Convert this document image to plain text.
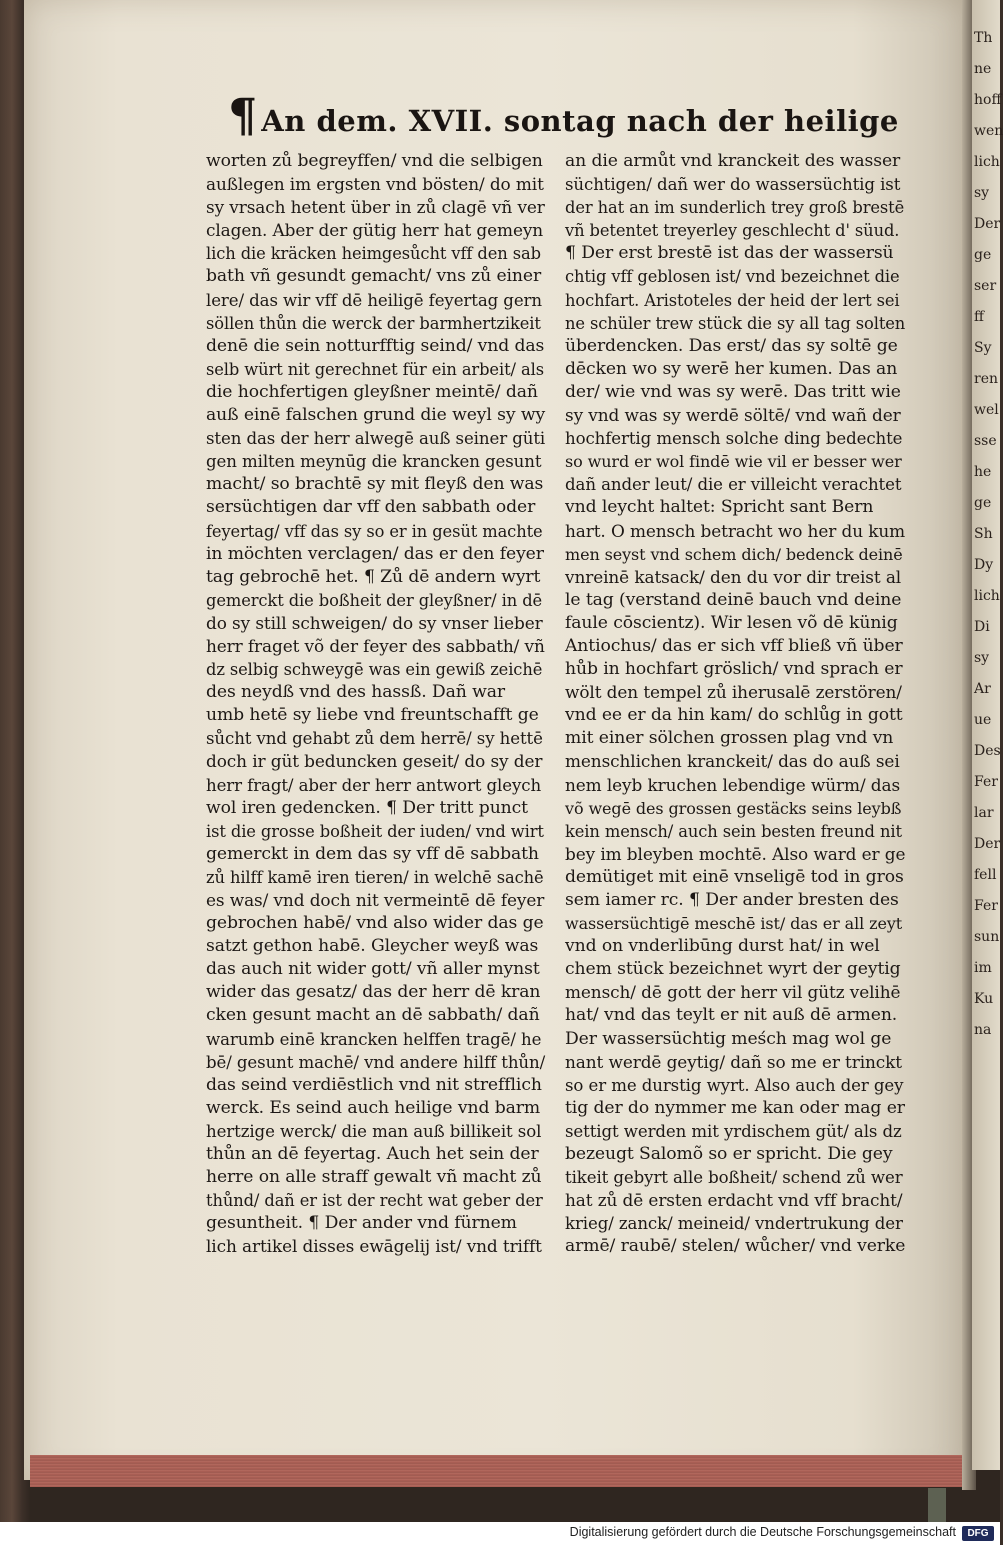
Th
ne
hoff
wen
lich
sy
Der
ge
ser
ff
Sy
ren
wel
sse
he
ge
Sh
Dy
lich
Di
sy
Ar
ue
Des
Fer
lar
Der
fell
Fer
sun
im
Ku
na
¶ An dem. XVII. sontag nach der heilige
worten zů begreyffen/ vnd die selbigen
außlegen im ergsten vnd bösten/ do mit
sy vrsach hetent über in zů clagē vñ ver
clagen. Aber der gütig herr hat gemeyn
lich die kräcken heimgesůcht vff den sab
bath vñ gesundt gemacht/ vns zů einer
lere/ das wir vff dē heiligē feyertag gern
söllen thůn die werck der barmhertzikeit
denē die sein notturfftig seind/ vnd das
selb würt nit gerechnet für ein arbeit/ als
die hochfertigen gleyßner meintē/ dañ
auß einē falschen grund die weyl sy wy
sten das der herr alwegē auß seiner güti
gen milten meynūg die krancken gesunt
macht/ so brachtē sy mit fleyß den was
sersüchtigen dar vff den sabbath oder
feyertag/ vff das sy so er in gesüt machte
in möchten verclagen/ das er den feyer
tag gebrochē het. ¶ Zů dē andern wyrt
gemerckt die boßheit der gleyßner/ in dē
do sy still schweigen/ do sy vnser lieber
herr fraget võ der feyer des sabbath/ vñ
dz selbig schweygē was ein gewiß zeichē
des neydß vnd des hassß. Dañ war
umb hetē sy liebe vnd freuntschafft ge
sůcht vnd gehabt zů dem herrē/ sy hettē
doch ir güt beduncken geseit/ do sy der
herr fragt/ aber der herr antwort gleych
wol iren gedencken. ¶ Der tritt punct
ist die grosse boßheit der iuden/ vnd wirt
gemerckt in dem das sy vff dē sabbath
zů hilff kamē iren tieren/ in welchē sachē
es was/ vnd doch nit vermeintē dē feyer
gebrochen habē/ vnd also wider das ge
satzt gethon habē. Gleycher weyß was
das auch nit wider gott/ vñ aller mynst
wider das gesatz/ das der herr dē kran
cken gesunt macht an dē sabbath/ dañ
warumb einē krancken helffen tragē/ he
bē/ gesunt machē/ vnd andere hilff thůn/
das seind verdiēstlich vnd nit strefflich
werck. Es seind auch heilige vnd barm
hertzige werck/ die man auß billikeit sol
thůn an dē feyertag. Auch het sein der
herre on alle straff gewalt vñ macht zů
thůnd/ dañ er ist der recht wat geber der
gesuntheit. ¶ Der ander vnd fürnem
lich artikel disses ewāgelij ist/ vnd trifft
an die armůt vnd kranckeit des wasser
süchtigen/ dañ wer do wassersüchtig ist
der hat an im sunderlich trey groß brestē
vñ betentet treyerley geschlecht d' süud.
¶ Der erst brestē ist das der wassersü
chtig vff geblosen ist/ vnd bezeichnet die
hochfart. Aristoteles der heid der lert sei
ne schüler trew stück die sy all tag solten
überdencken. Das erst/ das sy soltē ge
dēcken wo sy werē her kumen. Das an
der/ wie vnd was sy werē. Das tritt wie
sy vnd was sy werdē söltē/ vnd wañ der
hochfertig mensch solche ding bedechte
so wurd er wol findē wie vil er besser wer
dañ ander leut/ die er villeicht verachtet
vnd leycht haltet: Spricht sant Bern
hart. O mensch betracht wo her du kum
men seyst vnd schem dich/ bedenck deinē
vnreinē katsack/ den du vor dir treist al
le tag (verstand deinē bauch vnd deine
faule cōscientz). Wir lesen võ dē künig
Antiochus/ das er sich vff bließ vñ über
hůb in hochfart gröslich/ vnd sprach er
wölt den tempel zů iherusalē zerstören/
vnd ee er da hin kam/ do schlůg in gott
mit einer sölchen grossen plag vnd vn
menschlichen kranckeit/ das do auß sei
nem leyb kruchen lebendige würm/ das
võ wegē des grossen gestäcks seins leybß
kein mensch/ auch sein besten freund nit
bey im bleyben mochtē. Also ward er ge
demütiget mit einē vnseligē tod in gros
sem iamer rc. ¶ Der ander bresten des
wassersüchtigē meschē ist/ das er all zeyt
vnd on vnderlibūng durst hat/ in wel
chem stück bezeichnet wyrt der geytig
mensch/ dē gott der herr vil gütz velihē
hat/ vnd das teylt er nit auß dē armen.
Der wassersüchtig meśch mag wol ge
nant werdē geytig/ dañ so me er trinckt
so er me durstig wyrt. Also auch der gey
tig der do nymmer me kan oder mag er
settigt werden mit yrdischem güt/ als dz
bezeugt Salomõ so er spricht. Die gey
tikeit gebyrt alle boßheit/ schend zů wer
hat zů dē ersten erdacht vnd vff bracht/
krieg/ zanck/ meineid/ vndertrukung der
armē/ raubē/ stelen/ wůcher/ vnd verke
Digitalisierung gefördert durch die Deutsche Forschungsgemeinschaft	DFG
